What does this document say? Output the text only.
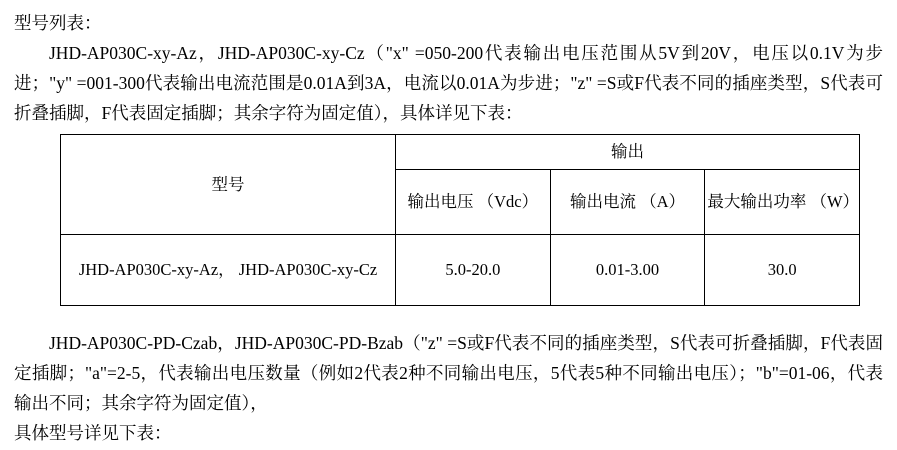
型号列表：
JHD-AP030C-xy-Az，JHD-AP030C-xy-Cz（"x" =050-200代表输出电压范围从5V到20V，电压以0.1V为步进；"y" =001-300代表输出电流范围是0.01A到3A，电流以0.01A为步进；"z" =S或F代表不同的插座类型，S代表可折叠插脚，F代表固定插脚；其余字符为固定值），具体详见下表：
型号	输出		
	输出电压 （Vdc）	输出电流 （A）	最大输出功率 （W）
JHD-AP030C-xy-Az， JHD-AP030C-xy-Cz	5.0-20.0	0.01-3.00	30.0
JHD-AP030C-PD-Czab，JHD-AP030C-PD-Bzab（"z" =S或F代表不同的插座类型，S代表可折叠插脚，F代表固定插脚；"a"=2-5，代表输出电压数量（例如2代表2种不同输出电压，5代表5种不同输出电压）；"b"=01-06，代表输出不同；其余字符为固定值），
具体型号详见下表：
